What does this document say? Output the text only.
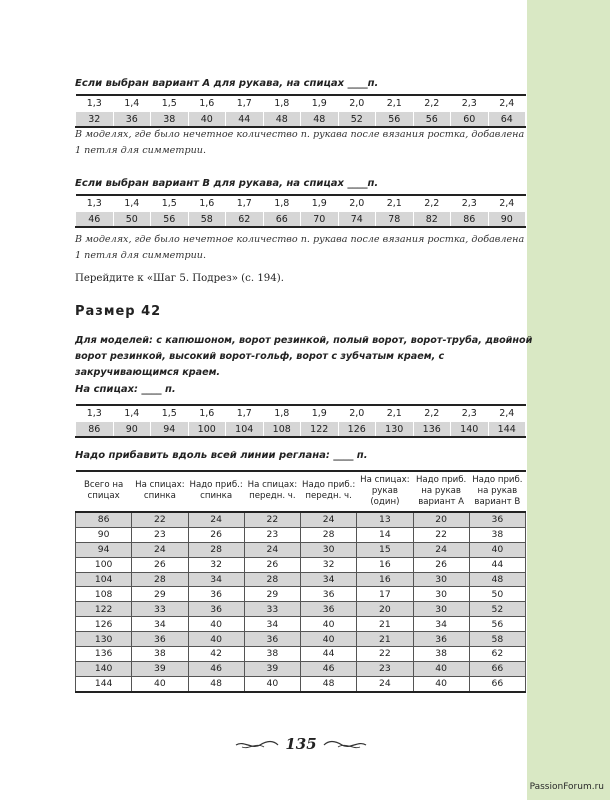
Если выбран вариант А для рукава, на спицах ____п.
1,3	1,4	1,5	1,6	1,7	1,8	1,9	2,0	2,1	2,2	2,3	2,4
32	36	38	40	44	48	48	52	56	56	60	64
В моделях, где было нечетное количество п. рукава после вязания ростка, добавлена 1 петля для симметрии.
Если выбран вариант В для рукава, на спицах ____п.
1,3	1,4	1,5	1,6	1,7	1,8	1,9	2,0	2,1	2,2	2,3	2,4
46	50	56	58	62	66	70	74	78	82	86	90
В моделях, где было нечетное количество п. рукава после вязания ростка, добавлена 1 петля для симметрии.
Перейдите к «Шаг 5. Подрез» (с. 194).
Размер 42
Для моделей: с капюшоном, ворот резинкой, полый ворот, ворот-труба, двойной ворот резинкой, высокий ворот-гольф, ворот с зубчатым краем, с закручивающимся краем.
На спицах: ____ п.
1,3	1,4	1,5	1,6	1,7	1,8	1,9	2,0	2,1	2,2	2,3	2,4
86	90	94	100	104	108	122	126	130	136	140	144
Надо прибавить вдоль всей линии реглана: ____ п.
Всего на спицах	На спицах: спинка	Надо приб.: спинка	На спицах: передн. ч.	Надо приб.: передн. ч.	На спицах: рукав (один)	Надо приб. на рукав вариант А	Надо приб. на рукав вариант В
86	22	24	22	24	13	20	36
90	23	26	23	28	14	22	38
94	24	28	24	30	15	24	40
100	26	32	26	32	16	26	44
104	28	34	28	34	16	30	48
108	29	36	29	36	17	30	50
122	33	36	33	36	20	30	52
126	34	40	34	40	21	34	56
130	36	40	36	40	21	36	58
136	38	42	38	44	22	38	62
140	39	46	39	46	23	40	66
144	40	48	40	48	24	40	66
135
PassionForum.ru
